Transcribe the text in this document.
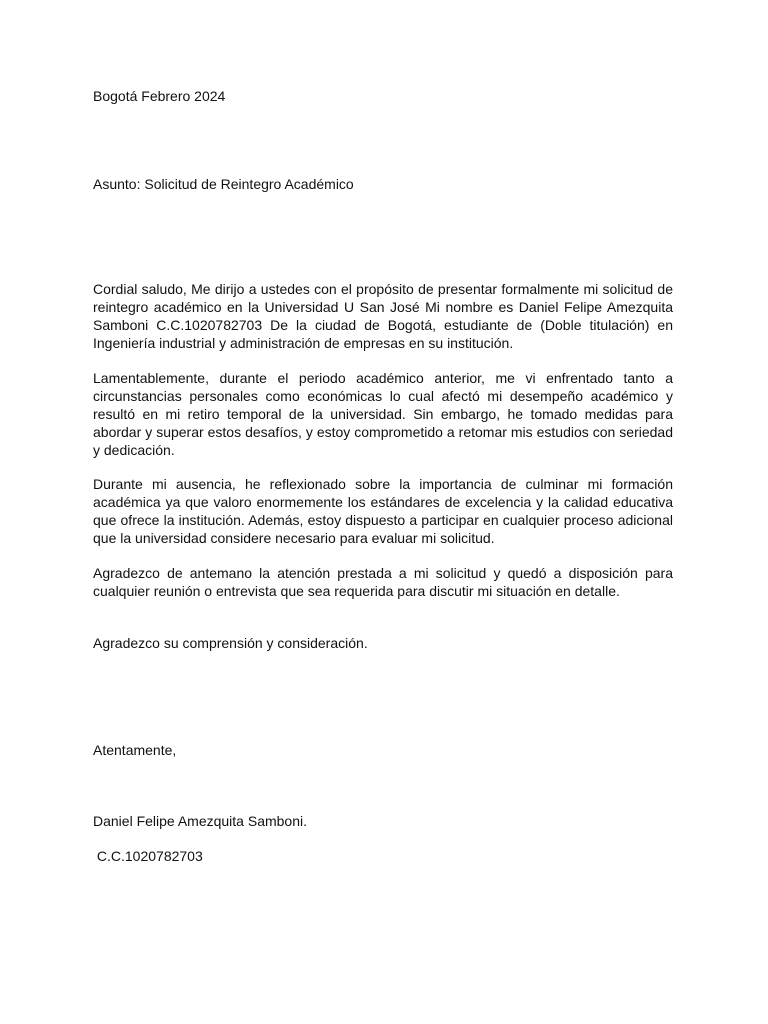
Bogotá Febrero 2024
Asunto: Solicitud de Reintegro Académico

Cordial saludo, Me dirijo a ustedes con el propósito de presentar formalmente mi solicitud de reintegro académico en la Universidad U San José Mi nombre es Daniel Felipe Amezquita Samboni C.C.1020782703 De la ciudad de Bogotá, estudiante de (Doble titulación) en Ingeniería industrial y administración de empresas en su institución.

Lamentablemente, durante el periodo académico anterior, me vi enfrentado tanto a circunstancias personales como económicas lo cual afectó mi desempeño académico y resultó en mi retiro temporal de la universidad. Sin embargo, he tomado medidas para abordar y superar estos desafíos, y estoy comprometido a retomar mis estudios con seriedad y dedicación.

Durante mi ausencia, he reflexionado sobre la importancia de culminar mi formación académica ya que valoro enormemente los estándares de excelencia y la calidad educativa que ofrece la institución. Además, estoy dispuesto a participar en cualquier proceso adicional que la universidad considere necesario para evaluar mi solicitud.

Agradezco de antemano la atención prestada a mi solicitud y quedó a disposición para cualquier reunión o entrevista que sea requerida para discutir mi situación en detalle.

Agradezco su comprensión y consideración.
Atentamente,
Daniel Felipe Amezquita Samboni.
C.C.1020782703
